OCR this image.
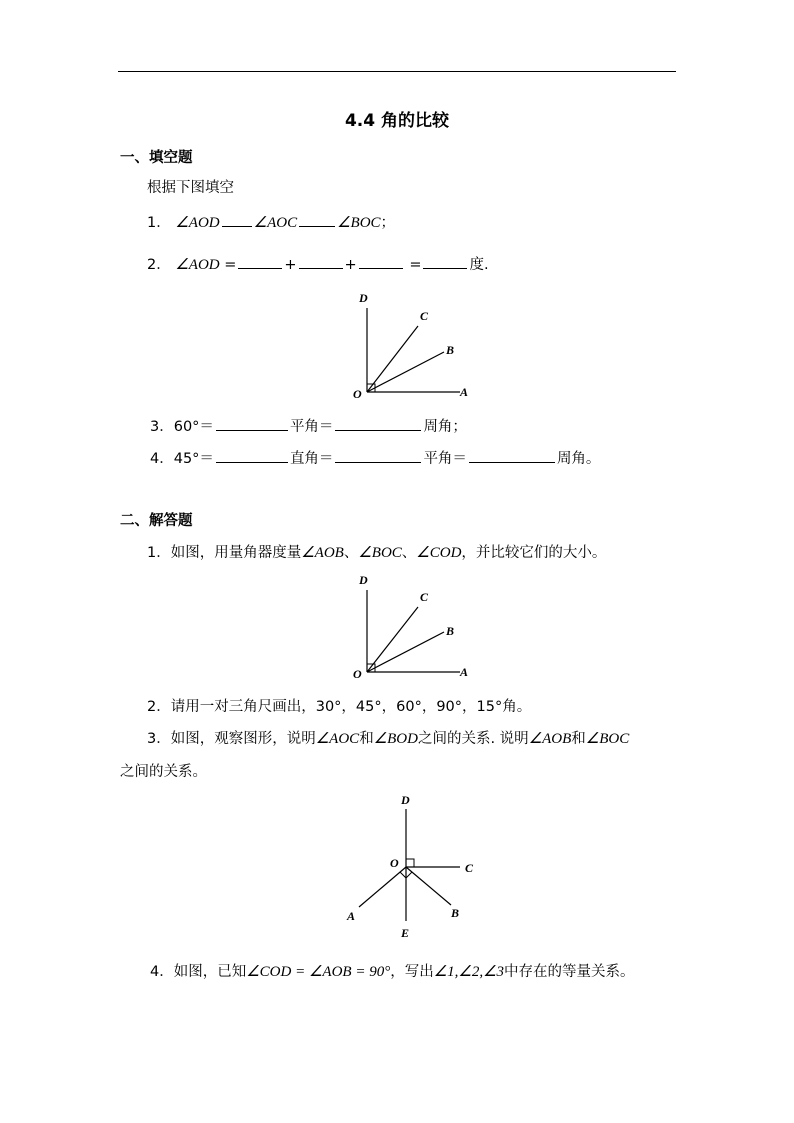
4.4 角的比较
一、填空题
根据下图填空
1． ∠AOD ∠AOC	∠BOC；
2． ∠AOD =	+	+	=	度.
D
C
B
O	A
3．60°＝	平角＝	周角；
4．45°＝	直角＝	平角＝	周角。
二、解答题
1．如图，用量角器度量∠AOB、∠BOC、∠COD，并比较它们的大小。
D
C
B
O	A
2．请用一对三角尺画出，30°，45°，60°，90°，15°角。
3．如图，观察图形，说明∠AOC和∠BOD之间的关系. 说明∠AOB和∠BOC
之间的关系。
D
O	C
A	B
E
4．如图，已知∠COD = ∠AOB = 90°，写出∠1,∠2,∠3中存在的等量关系。
